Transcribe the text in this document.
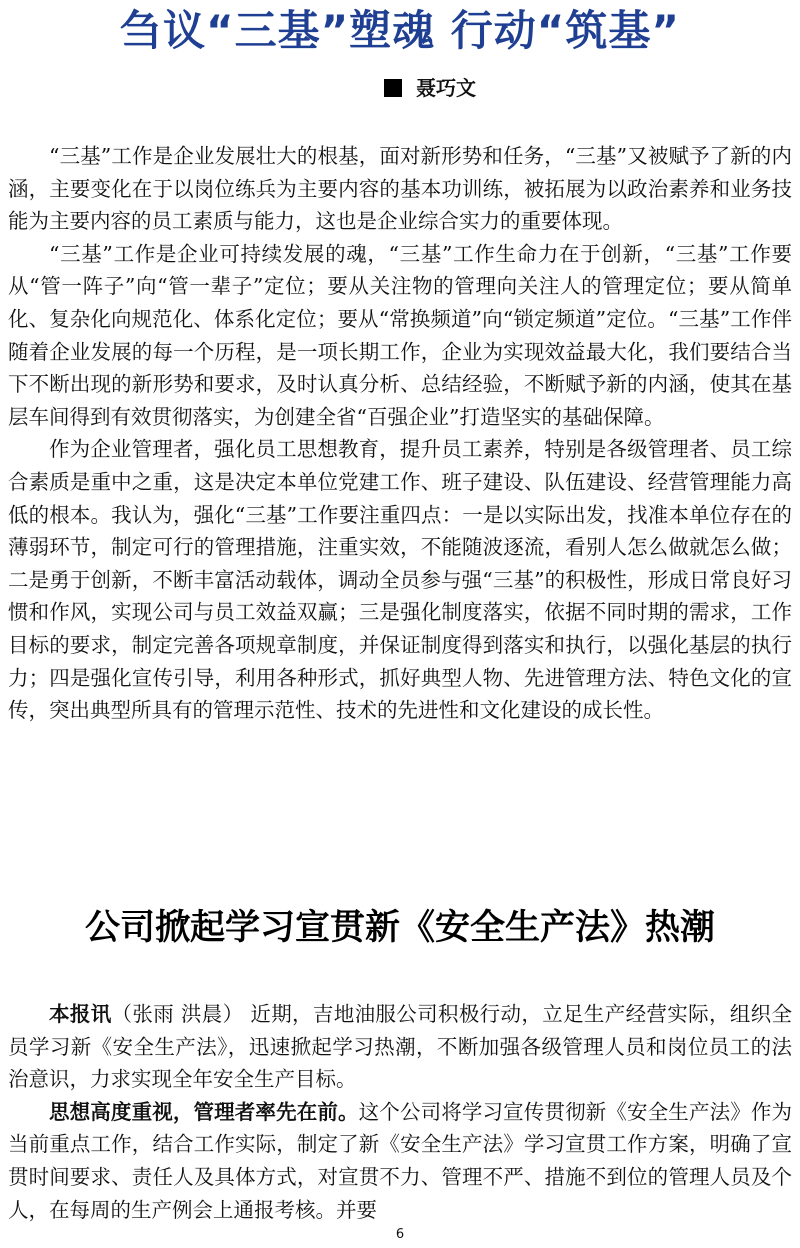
刍议“三基”塑魂 行动“筑基”
聂巧文

“三基”工作是企业发展壮大的根基，面对新形势和任务，“三基”又被赋予了新的内涵，主要变化在于以岗位练兵为主要内容的基本功训练，被拓展为以政治素养和业务技能为主要内容的员工素质与能力，这也是企业综合实力的重要体现。

“三基”工作是企业可持续发展的魂，“三基”工作生命力在于创新，“三基”工作要从“管一阵子”向“管一辈子”定位；要从关注物的管理向关注人的管理定位；要从简单化、复杂化向规范化、体系化定位；要从“常换频道”向“锁定频道”定位。“三基”工作伴随着企业发展的每一个历程，是一项长期工作，企业为实现效益最大化，我们要结合当下不断出现的新形势和要求，及时认真分析、总结经验，不断赋予新的内涵，使其在基层车间得到有效贯彻落实，为创建全省“百强企业”打造坚实的基础保障。

作为企业管理者，强化员工思想教育，提升员工素养，特别是各级管理者、员工综合素质是重中之重，这是决定本单位党建工作、班子建设、队伍建设、经营管理能力高低的根本。我认为，强化“三基”工作要注重四点：一是以实际出发，找准本单位存在的薄弱环节，制定可行的管理措施，注重实效，不能随波逐流，看别人怎么做就怎么做；二是勇于创新，不断丰富活动载体，调动全员参与强“三基”的积极性，形成日常良好习惯和作风，实现公司与员工效益双赢；三是强化制度落实，依据不同时期的需求，工作目标的要求，制定完善各项规章制度，并保证制度得到落实和执行，以强化基层的执行力；四是强化宣传引导，利用各种形式，抓好典型人物、先进管理方法、特色文化的宣传，突出典型所具有的管理示范性、技术的先进性和文化建设的成长性。

公司掀起学习宣贯新《安全生产法》热潮

本报讯（张雨 洪晨） 近期，吉地油服公司积极行动，立足生产经营实际，组织全员学习新《安全生产法》，迅速掀起学习热潮，不断加强各级管理人员和岗位员工的法治意识，力求实现全年安全生产目标。

思想高度重视，管理者率先在前。这个公司将学习宣传贯彻新《安全生产法》作为当前重点工作，结合工作实际，制定了新《安全生产法》学习宣贯工作方案，明确了宣贯时间要求、责任人及具体方式，对宣贯不力、管理不严、措施不到位的管理人员及个人，在每周的生产例会上通报考核。并要

6
